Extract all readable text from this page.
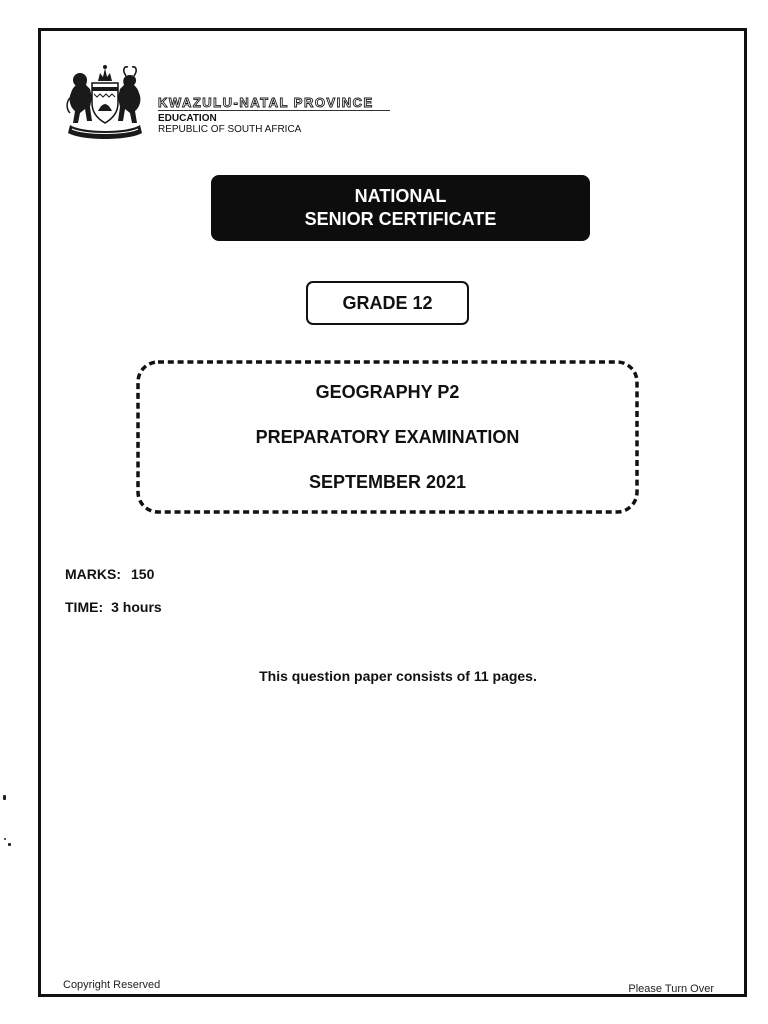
KWAZULU-NATAL PROVINCE
EDUCATION
REPUBLIC OF SOUTH AFRICA
NATIONAL
SENIOR CERTIFICATE
GRADE 12
GEOGRAPHY P2
PREPARATORY EXAMINATION
SEPTEMBER 2021
MARKS: 150
TIME: 3 hours
This question paper consists of 11 pages.
Copyright Reserved	Please Turn Over
